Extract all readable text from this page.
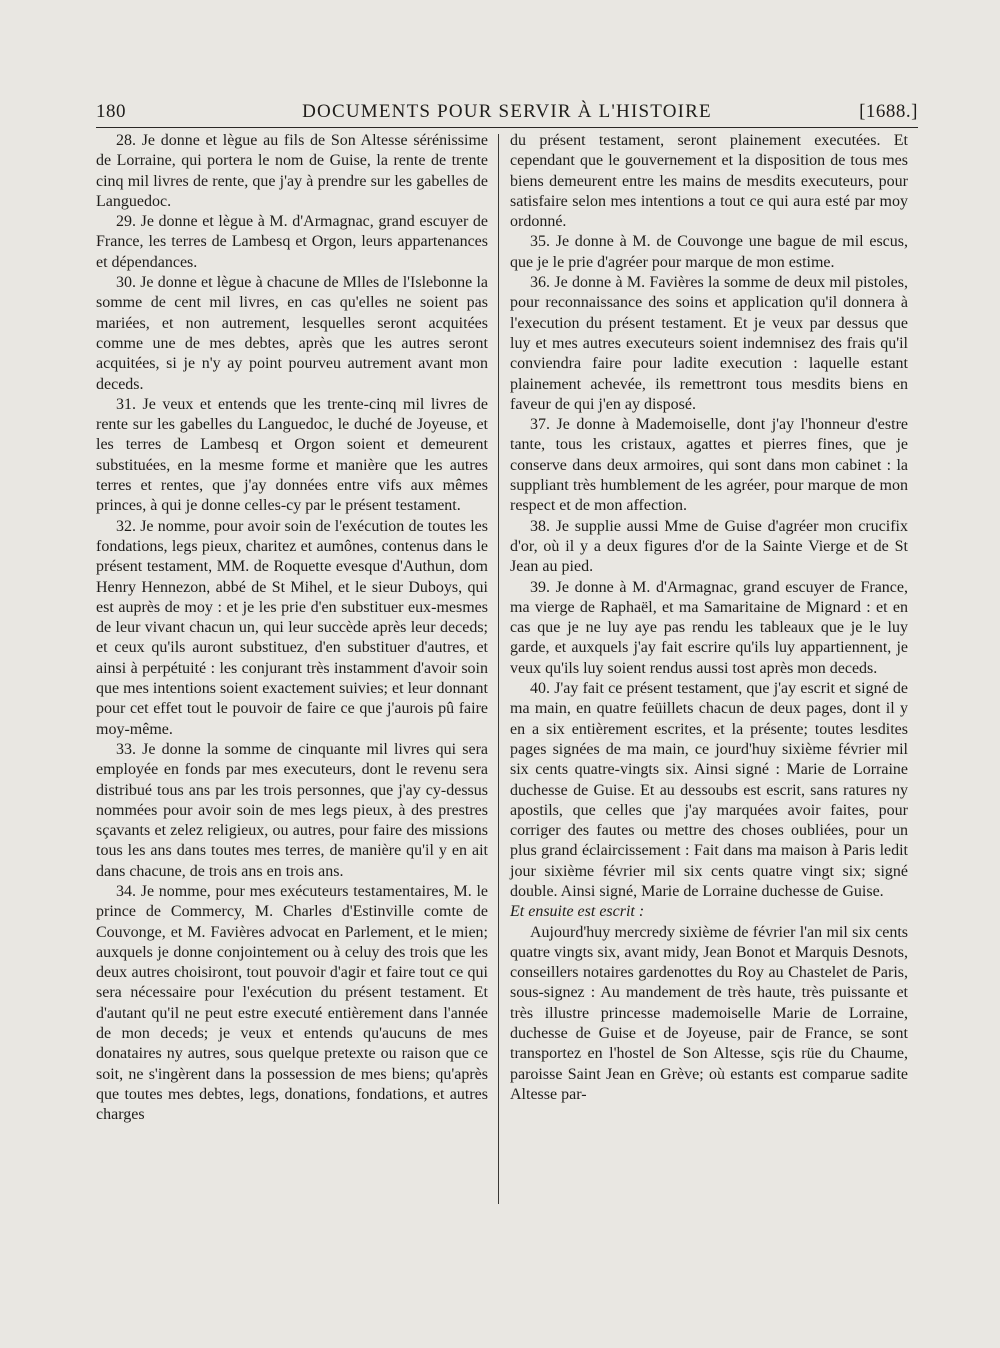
180	DOCUMENTS POUR SERVIR À L'HISTOIRE	[1688.]

28. Je donne et lègue au fils de Son Altesse sérénissime de Lorraine, qui portera le nom de Guise, la rente de trente cinq mil livres de rente, que j'ay à prendre sur les gabelles de Languedoc.

29. Je donne et lègue à M. d'Armagnac, grand escuyer de France, les terres de Lambesq et Orgon, leurs appartenances et dépendances.

30. Je donne et lègue à chacune de Mlles de l'Islebonne la somme de cent mil livres, en cas qu'elles ne soient pas mariées, et non autrement, lesquelles seront acquitées comme une de mes debtes, après que les autres seront acquitées, si je n'y ay point pourveu autrement avant mon deceds.

31. Je veux et entends que les trente-cinq mil livres de rente sur les gabelles du Languedoc, le duché de Joyeuse, et les terres de Lambesq et Orgon soient et demeurent substituées, en la mesme forme et manière que les autres terres et rentes, que j'ay données entre vifs aux mêmes princes, à qui je donne celles-cy par le présent testament.

32. Je nomme, pour avoir soin de l'exécution de toutes les fondations, legs pieux, charitez et aumônes, contenus dans le présent testament, MM. de Roquette evesque d'Authun, dom Henry Hennezon, abbé de St Mihel, et le sieur Duboys, qui est auprès de moy : et je les prie d'en substituer eux-mesmes de leur vivant chacun un, qui leur succède après leur deceds; et ceux qu'ils auront substituez, d'en substituer d'autres, et ainsi à perpétuité : les conjurant très instamment d'avoir soin que mes intentions soient exactement suivies; et leur donnant pour cet effet tout le pouvoir de faire ce que j'aurois pû faire moy-même.

33. Je donne la somme de cinquante mil livres qui sera employée en fonds par mes executeurs, dont le revenu sera distribué tous ans par les trois personnes, que j'ay cy-dessus nommées pour avoir soin de mes legs pieux, à des prestres sçavants et zelez religieux, ou autres, pour faire des missions tous les ans dans toutes mes terres, de manière qu'il y en ait dans chacune, de trois ans en trois ans.

34. Je nomme, pour mes exécuteurs testamentaires, M. le prince de Commercy, M. Charles d'Estinville comte de Couvonge, et M. Favières advocat en Parlement, et le mien; auxquels je donne conjointement ou à celuy des trois que les deux autres choisiront, tout pouvoir d'agir et faire tout ce qui sera nécessaire pour l'exécution du présent testament. Et d'autant qu'il ne peut estre executé entièrement dans l'année de mon deceds; je veux et entends qu'aucuns de mes donataires ny autres, sous quelque pretexte ou raison que ce soit, ne s'ingèrent dans la possession de mes biens; qu'après que toutes mes debtes, legs, donations, fondations, et autres charges

du présent testament, seront plainement executées. Et cependant que le gouvernement et la disposition de tous mes biens demeurent entre les mains de mesdits executeurs, pour satisfaire selon mes intentions a tout ce qui aura esté par moy ordonné.

35. Je donne à M. de Couvonge une bague de mil escus, que je le prie d'agréer pour marque de mon estime.

36. Je donne à M. Favières la somme de deux mil pistoles, pour reconnaissance des soins et application qu'il donnera à l'execution du présent testament. Et je veux par dessus que luy et mes autres executeurs soient indemnisez des frais qu'il conviendra faire pour ladite execution : laquelle estant plainement achevée, ils remettront tous mesdits biens en faveur de qui j'en ay disposé.

37. Je donne à Mademoiselle, dont j'ay l'honneur d'estre tante, tous les cristaux, agattes et pierres fines, que je conserve dans deux armoires, qui sont dans mon cabinet : la suppliant très humblement de les agréer, pour marque de mon respect et de mon affection.

38. Je supplie aussi Mme de Guise d'agréer mon crucifix d'or, où il y a deux figures d'or de la Sainte Vierge et de St Jean au pied.

39. Je donne à M. d'Armagnac, grand escuyer de France, ma vierge de Raphaël, et ma Samaritaine de Mignard : et en cas que je ne luy aye pas rendu les tableaux que je le luy garde, et auxquels j'ay fait escrire qu'ils luy appartiennent, je veux qu'ils luy soient rendus aussi tost après mon deceds.

40. J'ay fait ce présent testament, que j'ay escrit et signé de ma main, en quatre feüillets chacun de deux pages, dont il y en a six entièrement escrites, et la présente; toutes lesdites pages signées de ma main, ce jourd'huy sixième février mil six cents quatre-vingts six. Ainsi signé : Marie de Lorraine duchesse de Guise. Et au dessoubs est escrit, sans ratures ny apostils, que celles que j'ay marquées avoir faites, pour corriger des fautes ou mettre des choses oubliées, pour un plus grand éclaircissement : Fait dans ma maison à Paris ledit jour sixième février mil six cents quatre vingt six; signé double. Ainsi signé, Marie de Lorraine duchesse de Guise.

Et ensuite est escrit :

Aujourd'huy mercredy sixième de février l'an mil six cents quatre vingts six, avant midy, Jean Bonot et Marquis Desnots, conseillers notaires gardenottes du Roy au Chastelet de Paris, sous-signez : Au mandement de très haute, très puissante et très illustre princesse mademoiselle Marie de Lorraine, duchesse de Guise et de Joyeuse, pair de France, se sont transportez en l'hostel de Son Altesse, sçis rüe du Chaume, paroisse Saint Jean en Grève; où estants est comparue sadite Altesse par-
